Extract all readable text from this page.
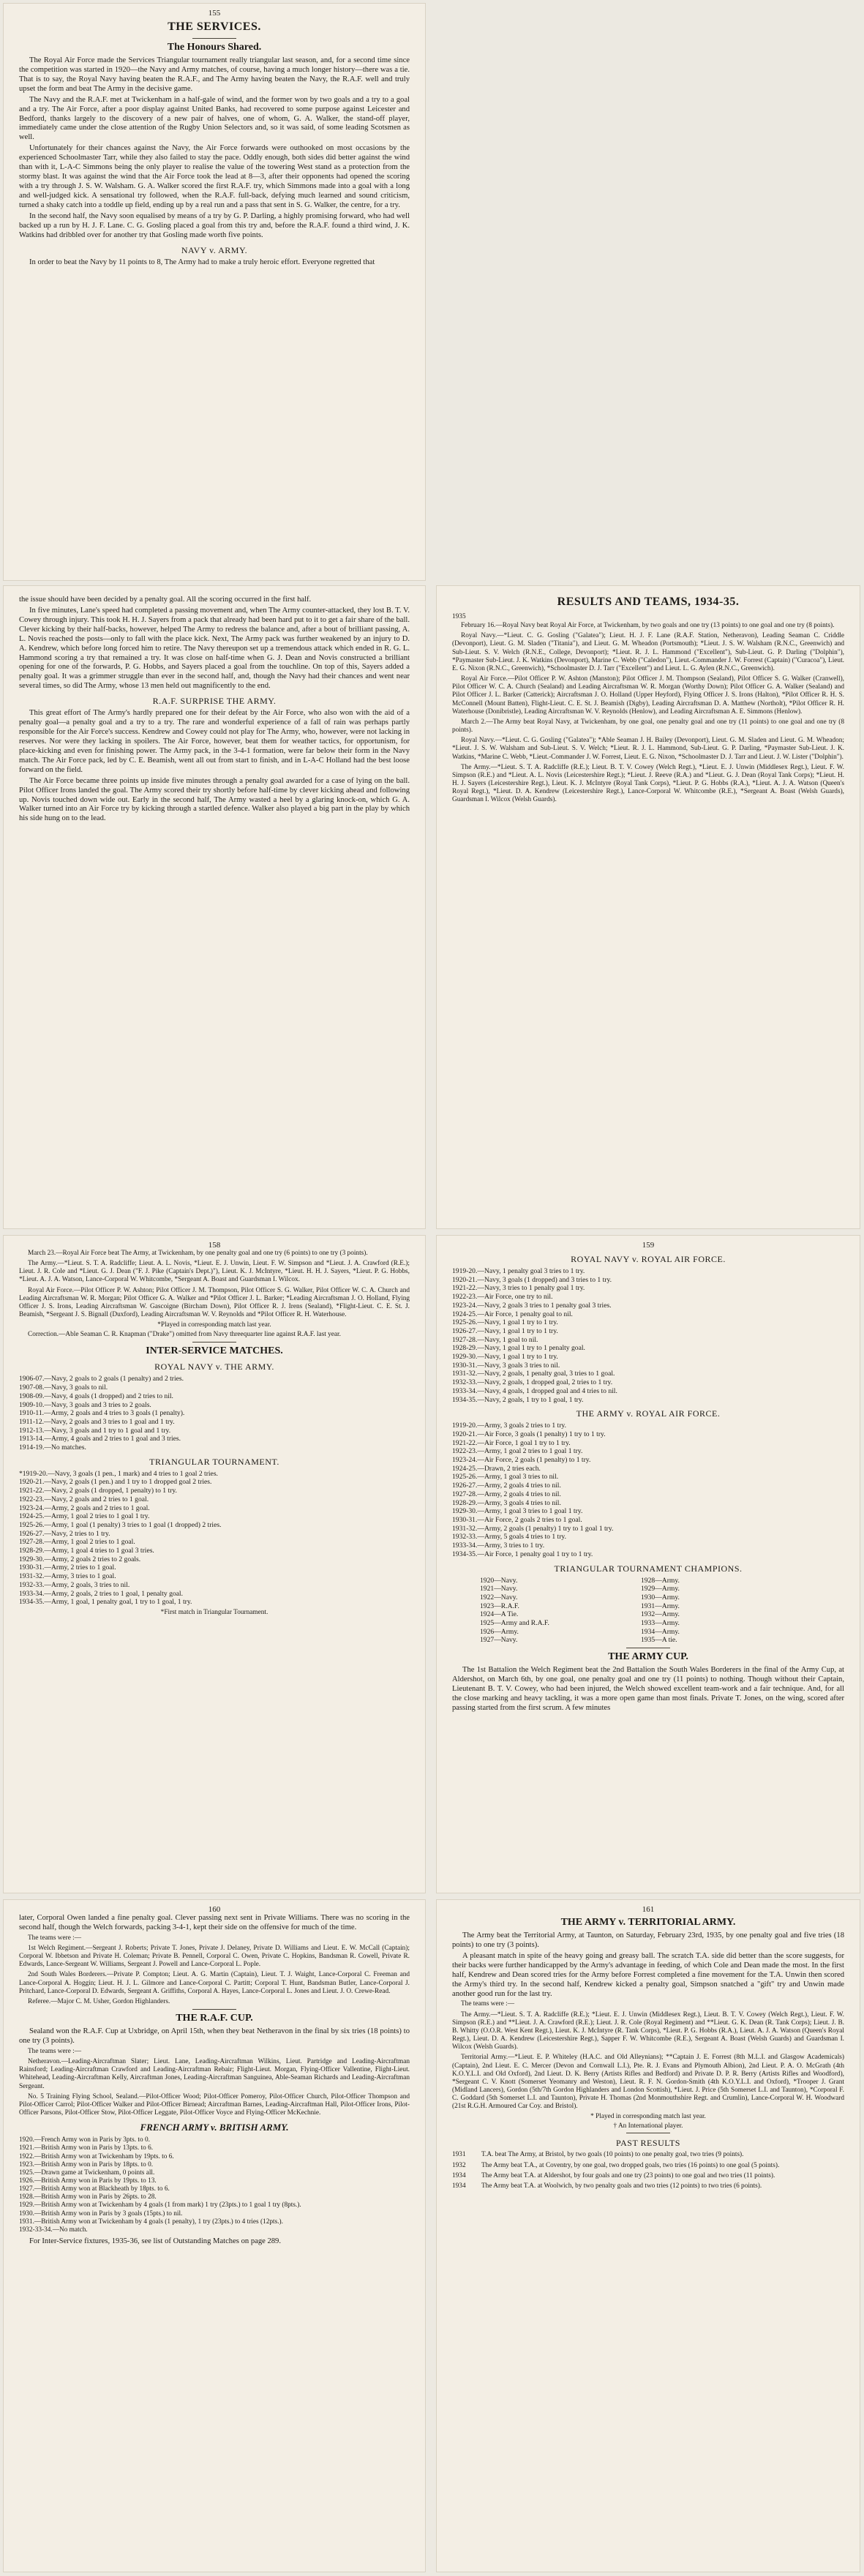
155
THE SERVICES.
The Honours Shared.

The Royal Air Force made the Services Triangular tournament really triangular last season, and, for a second time since the competition was started in 1920—the Navy and Army matches, of course, having a much longer history—there was a tie. That is to say, the Royal Navy having beaten the R.A.F., and The Army having beaten the Navy, the R.A.F. well and truly upset the form and beat The Army in the decisive game.

The Navy and the R.A.F. met at Twickenham in a half-gale of wind, and the former won by two goals and a try to a goal and a try. The Air Force, after a poor display against United Banks, had recovered to some purpose against Leicester and Bedford, thanks largely to the discovery of a new pair of halves, one of whom, G. A. Walker, the stand-off player, immediately came under the close attention of the Rugby Union Selectors and, so it was said, of some leading Scotsmen as well.

Unfortunately for their chances against the Navy, the Air Force forwards were outhooked on most occasions by the experienced Schoolmaster Tarr, while they also failed to stay the pace. Oddly enough, both sides did better against the wind than with it, L-A-C Simmons being the only player to realise the value of the towering West stand as a protection from the stormy blast. It was against the wind that the Air Force took the lead at 8—3, after their opponents had opened the scoring with a try through J. S. W. Walsham. G. A. Walker scored the first R.A.F. try, which Simmons made into a goal with a long and well-judged kick. A sensational try followed, when the R.A.F. full-back, defying much learned and sound criticism, turned a shaky catch into a toddle up field, ending up by a real run and a pass that sent in S. G. Walker, the centre, for a try.

In the second half, the Navy soon equalised by means of a try by G. P. Darling, a highly promising forward, who had well backed up a run by H. J. F. Lane. C. G. Gosling placed a goal from this try and, before the R.A.F. found a third wind, J. K. Watkins had dribbled over for another try that Gosling made worth five points.

NAVY v. ARMY.

In order to beat the Navy by 11 points to 8, The Army had to make a truly heroic effort. Everyone regretted that

the issue should have been decided by a penalty goal. All the scoring occurred in the first half.

In five minutes, Lane's speed had completed a passing movement and, when The Army counter-attacked, they lost B. T. V. Cowey through injury. This took H. H. J. Sayers from a pack that already had been hard put to it to get a fair share of the ball. Clever kicking by their half-backs, however, helped The Army to redress the balance and, after a bout of brilliant passing, A. L. Novis reached the posts—only to fall with the place kick. Next, The Army pack was further weakened by an injury to D. A. Kendrew, which before long forced him to retire. The Navy thereupon set up a tremendous attack which ended in R. G. L. Hammond scoring a try that remained a try. It was close on half-time when G. J. Dean and Novis constructed a brilliant opening for one of the forwards, P. G. Hobbs, and Sayers placed a goal from the touchline. On top of this, Sayers added a penalty goal. It was a grimmer struggle than ever in the second half, and, though the Navy had their chances and went near several times, so did The Army, whose 13 men held out magnificently to the end.

R.A.F. SURPRISE THE ARMY.

This great effort of The Army's hardly prepared one for their defeat by the Air Force, who also won with the aid of a penalty goal—a penalty goal and a try to a try. The rare and wonderful experience of a fall of rain was perhaps partly responsible for the Air Force's success. Kendrew and Cowey could not play for The Army, who, however, were not lacking in reserves. Nor were they lacking in spoilers. The Air Force, however, beat them for weather tactics, for opportunism, for place-kicking and even for finishing power. The Army pack, in the 3-4-1 formation, were far below their form in the Navy match. The Air Force pack, led by C. E. Beamish, went all out from start to finish, and in L-A-C Holland had the best loose forward on the field.

The Air Force became three points up inside five minutes through a penalty goal awarded for a case of lying on the ball. Pilot Officer Irons landed the goal. The Army scored their try shortly before half-time by clever kicking ahead and following up. Novis touched down wide out. Early in the second half, The Army wasted a heel by a glaring knock-on, which G. A. Walker turned into an Air Force try by kicking through a startled defence. Walker also played a big part in the play by which his side hung on to the lead.

RESULTS AND TEAMS, 1934-35.
1935

February 16.—Royal Navy beat Royal Air Force, at Twickenham, by two goals and one try (13 points) to one goal and one try (8 points).

Royal Navy.—*Lieut. C. G. Gosling ("Galatea"); Lieut. H. J. F. Lane (R.A.F. Station, Netheravon), Leading Seaman C. Criddle (Devonport), Lieut. G. M. Sladen ("Titania"), and Lieut. G. M. Wheadon (Portsmouth); *Lieut. J. S. W. Walsham (R.N.C., Greenwich) and Sub-Lieut. S. V. Welch (R.N.E., College, Devonport); *Lieut. R. J. L. Hammond ("Excellent"), Sub-Lieut. G. P. Darling ("Dolphin"), *Paymaster Sub-Lieut. J. K. Watkins (Devonport), Marine C. Webb ("Caledon"), Lieut.-Commander J. W. Forrest (Captain) ("Curacoa"), Lieut. E. G. Nixon (R.N.C., Greenwich), *Schoolmaster D. J. Tarr ("Excellent") and Lieut. L. G. Aylen (R.N.C., Greenwich).

Royal Air Force.—Pilot Officer P. W. Ashton (Manston); Pilot Officer J. M. Thompson (Sealand), Pilot Officer S. G. Walker (Cranwell), Pilot Officer W. C. A. Church (Sealand) and Leading Aircraftsman W. R. Morgan (Worthy Down); Pilot Officer G. A. Walker (Sealand) and Pilot Officer J. L. Barker (Catterick); Aircraftsman J. O. Holland (Upper Heyford), Flying Officer J. S. Irons (Halton), *Pilot Officer R. H. S. McConnell (Mount Batten), Flight-Lieut. C. E. St. J. Beamish (Digby), Leading Aircraftsman D. A. Matthew (Northolt), *Pilot Officer R. H. Waterhouse (Donibristle), Leading Aircraftsman W. V. Reynolds (Henlow), and Leading Aircraftsman A. E. Simmons (Henlow).

March 2.—The Army beat Royal Navy, at Twickenham, by one goal, one penalty goal and one try (11 points) to one goal and one try (8 points).

Royal Navy.—*Lieut. C. G. Gosling ("Galatea"); *Able Seaman J. H. Bailey (Devonport), Lieut. G. M. Sladen and Lieut. G. M. Wheadon; *Lieut. J. S. W. Walsham and Sub-Lieut. S. V. Welch; *Lieut. R. J. L. Hammond, Sub-Lieut. G. P. Darling, *Paymaster Sub-Lieut. J. K. Watkins, *Marine C. Webb, *Lieut.-Commander J. W. Forrest, Lieut. E. G. Nixon, *Schoolmaster D. J. Tarr and Lieut. J. W. Lister ("Dolphin").

The Army.—*Lieut. S. T. A. Radcliffe (R.E.); Lieut. B. T. V. Cowey (Welch Regt.), *Lieut. E. J. Unwin (Middlesex Regt.), Lieut. F. W. Simpson (R.E.) and *Lieut. A. L. Novis (Leicestershire Regt.); *Lieut. J. Reeve (R.A.) and *Lieut. G. J. Dean (Royal Tank Corps); *Lieut. H. H. J. Sayers (Leicestershire Regt.), Lieut. K. J. McIntyre (Royal Tank Corps), *Lieut. P. G. Hobbs (R.A.), *Lieut. A. J. A. Watson (Queen's Royal Regt.), *Lieut. D. A. Kendrew (Leicestershire Regt.), Lance-Corporal W. Whitcombe (R.E.), *Sergeant A. Boast (Welsh Guards), Guardsman I. Wilcox (Welsh Guards).

158

March 23.—Royal Air Force beat The Army, at Twickenham, by one penalty goal and one try (6 points) to one try (3 points).

The Army.—*Lieut. S. T. A. Radcliffe; Lieut. A. L. Novis, *Lieut. E. J. Unwin, Lieut. F. W. Simpson and *Lieut. J. A. Crawford (R.E.); Lieut. J. R. Cole and *Lieut. G. J. Dean ("F. J. Pike (Captain's Dept.)"), Lieut. K. J. McIntyre, *Lieut. H. H. J. Sayers, *Lieut. P. G. Hobbs, *Lieut. A. J. A. Watson, Lance-Corporal W. Whitcombe, *Sergeant A. Boast and Guardsman I. Wilcox.

Royal Air Force.—Pilot Officer P. W. Ashton; Pilot Officer J. M. Thompson, Pilot Officer S. G. Walker, Pilot Officer W. C. A. Church and Leading Aircraftsman W. R. Morgan; Pilot Officer G. A. Walker and *Pilot Officer J. L. Barker; *Leading Aircraftsman J. O. Holland, Flying Officer J. S. Irons, Leading Aircraftsman W. Gascoigne (Bircham Down), Pilot Officer R. J. Irens (Sealand), *Flight-Lieut. C. E. St. J. Beamish, *Sergeant J. S. Bignall (Duxford), Leading Aircraftsman W. V. Reynolds and *Pilot Officer R. H. Waterhouse.

*Played in corresponding match last year.

Correction.—Able Seaman C. R. Knapman ("Drake") omitted from Navy threequarter line against R.A.F. last year.

INTER-SERVICE MATCHES.
ROYAL NAVY v. THE ARMY.
1906-07.—Navy, 2 goals to 2 goals (1 penalty) and 2 tries.
1907-08.—Navy, 3 goals to nil.
1908-09.—Navy, 4 goals (1 dropped) and 2 tries to nil.
1909-10.—Navy, 3 goals and 3 tries to 2 goals.
1910-11.—Army, 2 goals and 4 tries to 3 goals (1 penalty).
1911-12.—Navy, 2 goals and 3 tries to 1 goal and 1 try.
1912-13.—Navy, 3 goals and 1 try to 1 goal and 1 try.
1913-14.—Army, 4 goals and 2 tries to 1 goal and 3 tries.
1914-19.—No matches.
TRIANGULAR TOURNAMENT.
*1919-20.—Navy, 3 goals (1 pen., 1 mark) and 4 tries to 1 goal 2 tries.
1920-21.—Navy, 2 goals (1 pen.) and 1 try to 1 dropped goal 2 tries.
1921-22.—Navy, 2 goals (1 dropped, 1 penalty) to 1 try.
1922-23.—Navy, 2 goals and 2 tries to 1 goal.
1923-24.—Army, 2 goals and 2 tries to 1 goal.
1924-25.—Army, 1 goal 2 tries to 1 goal 1 try.
1925-26.—Army, 1 goal (1 penalty) 3 tries to 1 goal (1 dropped) 2 tries.
1926-27.—Navy, 2 tries to 1 try.
1927-28.—Army, 1 goal 2 tries to 1 goal.
1928-29.—Army, 1 goal 4 tries to 1 goal 3 tries.
1929-30.—Army, 2 goals 2 tries to 2 goals.
1930-31.—Army, 2 tries to 1 goal.
1931-32.—Army, 3 tries to 1 goal.
1932-33.—Army, 2 goals, 3 tries to nil.
1933-34.—Army, 2 goals, 2 tries to 1 goal, 1 penalty goal.
1934-35.—Army, 1 goal, 1 penalty goal, 1 try to 1 goal, 1 try.
*First match in Triangular Tournament.
159
ROYAL NAVY v. ROYAL AIR FORCE.
1919-20.—Navy, 1 penalty goal 3 tries to 1 try.
1920-21.—Navy, 3 goals (1 dropped) and 3 tries to 1 try.
1921-22.—Navy, 3 tries to 1 penalty goal 1 try.
1922-23.—Air Force, one try to nil.
1923-24.—Navy, 2 goals 3 tries to 1 penalty goal 3 tries.
1924-25.—Air Force, 1 penalty goal to nil.
1925-26.—Navy, 1 goal 1 try to 1 try.
1926-27.—Navy, 1 goal 1 try to 1 try.
1927-28.—Navy, 1 goal to nil.
1928-29.—Navy, 1 goal 1 try to 1 penalty goal.
1929-30.—Navy, 1 goal 1 try to 1 try.
1930-31.—Navy, 3 goals 3 tries to nil.
1931-32.—Navy, 2 goals, 1 penalty goal, 3 tries to 1 goal.
1932-33.—Navy, 2 goals, 1 dropped goal, 2 tries to 1 try.
1933-34.—Navy, 4 goals, 1 dropped goal and 4 tries to nil.
1934-35.—Navy, 2 goals, 1 try to 1 goal, 1 try.
THE ARMY v. ROYAL AIR FORCE.
1919-20.—Army, 3 goals 2 tries to 1 try.
1920-21.—Air Force, 3 goals (1 penalty) 1 try to 1 try.
1921-22.—Air Force, 1 goal 1 try to 1 try.
1922-23.—Army, 1 goal 2 tries to 1 goal 1 try.
1923-24.—Air Force, 2 goals (1 penalty) to 1 try.
1924-25.—Drawn, 2 tries each.
1925-26.—Army, 1 goal 3 tries to nil.
1926-27.—Army, 2 goals 4 tries to nil.
1927-28.—Army, 2 goals 4 tries to nil.
1928-29.—Army, 3 goals 4 tries to nil.
1929-30.—Army, 1 goal 3 tries to 1 goal 1 try.
1930-31.—Air Force, 2 goals 2 tries to 1 goal.
1931-32.—Army, 2 goals (1 penalty) 1 try to 1 goal 1 try.
1932-33.—Army, 5 goals 4 tries to 1 try.
1933-34.—Army, 3 tries to 1 try.
1934-35.—Air Force, 1 penalty goal 1 try to 1 try.
TRIANGULAR TOURNAMENT CHAMPIONS.
1920—Navy.
1921—Navy.
1922—Navy.
1923—R.A.F.
1924—A Tie.
1925—Army and R.A.F.
1926—Army.
1927—Navy.
1928—Army.
1929—Army.
1930—Army.
1931—Army.
1932—Army.
1933—Army.
1934—Army.
1935—A tie.
THE ARMY CUP.

The 1st Battalion the Welch Regiment beat the 2nd Battalion the South Wales Borderers in the final of the Army Cup, at Aldershot, on March 6th, by one goal, one penalty goal and one try (11 points) to nothing. Though without their Captain, Lieutenant B. T. V. Cowey, who had been injured, the Welch showed excellent team-work and a fair technique. And, for all the close marking and heavy tackling, it was a more open game than most finals. Private T. Jones, on the wing, scored after passing started from the first scrum. A few minutes

160

later, Corporal Owen landed a fine penalty goal. Clever passing next sent in Private Williams. There was no scoring in the second half, though the Welch forwards, packing 3-4-1, kept their side on the offensive for much of the time.

The teams were :—

1st Welch Regiment.—Sergeant J. Roberts; Private T. Jones, Private J. Delaney, Private D. Williams and Lieut. E. W. McCall (Captain); Corporal W. Ibbetson and Private H. Coleman; Private B. Pennell, Corporal C. Owen, Private C. Hopkins, Bandsman R. Cowell, Private R. Edwards, Lance-Sergeant W. Williams, Sergeant J. Powell and Lance-Corporal L. Pople.

2nd South Wales Borderers.—Private P. Compton; Lieut. A. G. Martin (Captain), Lieut. T. J. Waight, Lance-Corporal C. Freeman and Lance-Corporal A. Hoggin; Lieut. H. J. L. Gilmore and Lance-Corporal C. Partitt; Corporal T. Hunt, Bandsman Butler, Lance-Corporal J. Pritchard, Lance-Corporal D. Edwards, Sergeant A. Griffiths, Corporal A. Hayes, Lance-Corporal L. Jones and Lieut. J. O. Crewe-Read.

Referee.—Major C. M. Usher, Gordon Highlanders.

THE R.A.F. CUP.

Sealand won the R.A.F. Cup at Uxbridge, on April 15th, when they beat Netheravon in the final by six tries (18 points) to one try (3 points).

The teams were :—

Netheravon.—Leading-Aircraftman Slater; Lieut. Lane, Leading-Aircraftman Wilkins, Lieut. Partridge and Leading-Aircraftman Rainsford; Leading-Aircraftman Crawford and Leading-Aircraftman Rebair; Flight-Lieut. Morgan, Flying-Officer Vallentine, Flight-Lieut. Whitehead, Leading-Aircraftman Kelly, Aircraftman Jones, Leading-Aircraftman Sanguinea, Able-Seaman Richards and Leading-Aircraftman Sergeant.

No. 5 Training Flying School, Sealand.—Pilot-Officer Wood; Pilot-Officer Pomeroy, Pilot-Officer Church, Pilot-Officer Thompson and Pilot-Officer Carrol; Pilot-Officer Walker and Pilot-Officer Birnead; Aircraftman Barnes, Leading-Aircraftman Hall, Pilot-Officer Irons, Pilot-Officer Parsons, Pilot-Officer Stow, Pilot-Officer Leggate, Pilot-Officer Voyce and Flying-Officer McKechnie.

FRENCH ARMY v. BRITISH ARMY.
1920.—French Army won in Paris by 3pts. to 0.
1921.—British Army won in Paris by 13pts. to 6.
1922.—British Army won at Twickenham by 19pts. to 6.
1923.—British Army won in Paris by 18pts. to 0.
1925.—Drawn game at Twickenham, 0 points all.
1926.—British Army won in Paris by 19pts. to 13.
1927.—British Army won at Blackheath by 18pts. to 6.
1928.—British Army won in Paris by 26pts. to 28.
1929.—British Army won at Twickenham by 4 goals (1 from mark) 1 try (23pts.) to 1 goal 1 try (8pts.).
1930.—British Army won in Paris by 3 goals (15pts.) to nil.
1931.—British Army won at Twickenham by 4 goals (1 penalty), 1 try (23pts.) to 4 tries (12pts.).
1932-33-34.—No match.

For Inter-Service fixtures, 1935-36, see list of Outstanding Matches on page 289.

161
THE ARMY v. TERRITORIAL ARMY.

The Army beat the Territorial Army, at Taunton, on Saturday, February 23rd, 1935, by one penalty goal and five tries (18 points) to one try (3 points).

A pleasant match in spite of the heavy going and greasy ball. The scratch T.A. side did better than the score suggests, for their backs were further handicapped by the Army's advantage in feeding, of which Cole and Dean made the most. In the first half, Kendrew and Dean scored tries for the Army before Forrest completed a fine movement for the T.A. Unwin then scored the Army's third try. In the second half, Kendrew kicked a penalty goal, Simpson snatched a "gift" try and Unwin made another good run for the last try.

The teams were :—

The Army.—*Lieut. S. T. A. Radcliffe (R.E.); *Lieut. E. J. Unwin (Middlesex Regt.), Lieut. B. T. V. Cowey (Welch Regt.), Lieut. F. W. Simpson (R.E.) and **Lieut. J. A. Crawford (R.E.); Lieut. J. R. Cole (Royal Regiment) and **Lieut. G. K. Dean (R. Tank Corps); Lieut. J. B. B. Whitty (O.O.R. West Kent Regt.), Lieut. K. J. McIntyre (R. Tank Corps), *Lieut. P. G. Hobbs (R.A.), Lieut. A. J. A. Watson (Queen's Royal Regt.), Lieut. D. A. Kendrew (Leicestershire Regt.), Sapper F. W. Whitcombe (R.E.), Sergeant A. Boast (Welsh Guards) and Guardsman I. Wilcox (Welsh Guards).

Territorial Army.—*Lieut. E. P. Whiteley (H.A.C. and Old Alleynians); **Captain J. E. Forrest (8th M.L.I. and Glasgow Academicals) (Captain), 2nd Lieut. E. C. Mercer (Devon and Cornwall L.I.), Pte. R. J. Evans and Plymouth Albion), 2nd Lieut. P. A. O. McGrath (4th K.O.Y.L.I. and Old Oxford), 2nd Lieut. D. K. Berry (Artists Rifles and Bedford) and Private D. P. R. Berry (Artists Rifles and Woodford), *Sergeant C. V. Knott (Somerset Yeomanry and Weston), Lieut. R. F. N. Gordon-Smith (4th K.O.Y.L.I. and Oxford), *Trooper J. Grant (Midland Lancers), Gordon (5th/7th Gordon Highlanders and London Scottish), *Lieut. J. Price (5th Somerset L.I. and Taunton), *Corporal F. C. Goddard (5th Somerset L.I. and Taunton), Private H. Thomas (2nd Monmouthshire Regt. and Crumlin), Lance-Corporal W. H. Woodward (21st R.G.H. Armoured Car Coy. and Bristol).

* Played in corresponding match last year.
† An International player.
PAST RESULTS
1931	T.A. beat The Army, at Bristol, by two goals (10 points) to one penalty goal, two tries (9 points).
1932	The Army beat T.A., at Coventry, by one goal, two dropped goals, two tries (16 points) to one goal (5 points).
1934	The Army beat T.A. at Aldershot, by four goals and one try (23 points) to one goal and two tries (11 points).
1934	The Army beat T.A. at Woolwich, by two penalty goals and two tries (12 points) to two tries (6 points).
